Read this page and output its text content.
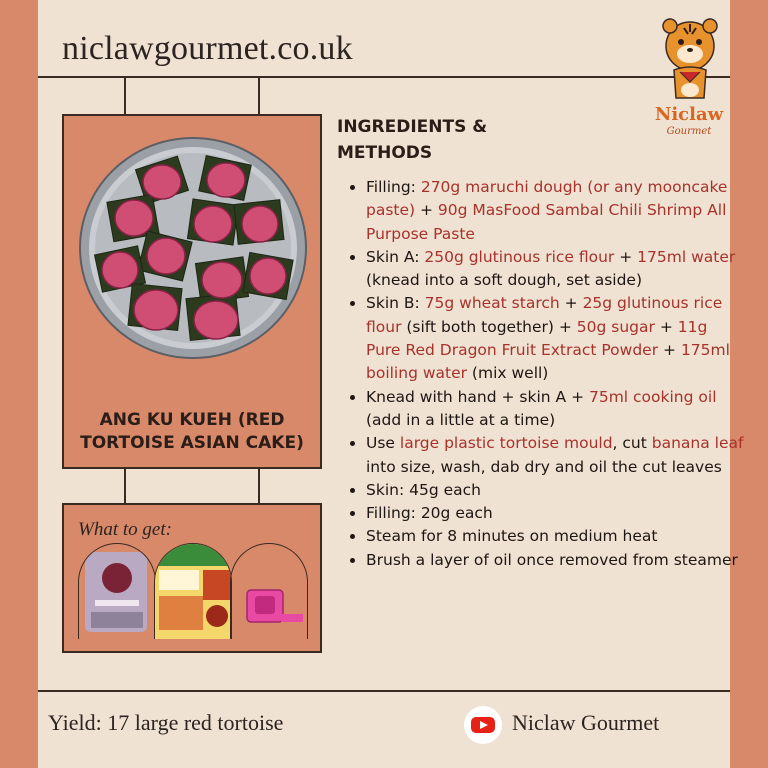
niclawgourmet.co.uk
Niclaw
Gourmet
ANG KU KUEH (RED
TORTOISE ASIAN CAKE)
What to get:
INGREDIENTS &
METHODS
• Filling: 270g maruchi dough (or any mooncake paste) + 90g MasFood Sambal Chili Shrimp All Purpose Paste
• Skin A: 250g glutinous rice flour + 175ml water (knead into a soft dough, set aside)
• Skin B: 75g wheat starch + 25g glutinous rice flour (sift both together) + 50g sugar + 11g Pure Red Dragon Fruit Extract Powder + 175ml boiling water (mix well)
• Knead with hand + skin A + 75ml cooking oil (add in a little at a time)
• Use large plastic tortoise mould, cut banana leaf into size, wash, dab dry and oil the cut leaves
• Skin: 45g each
• Filling: 20g each
• Steam for 8 minutes on medium heat
• Brush a layer of oil once removed from steamer
Yield: 17 large red tortoise	Niclaw Gourmet
